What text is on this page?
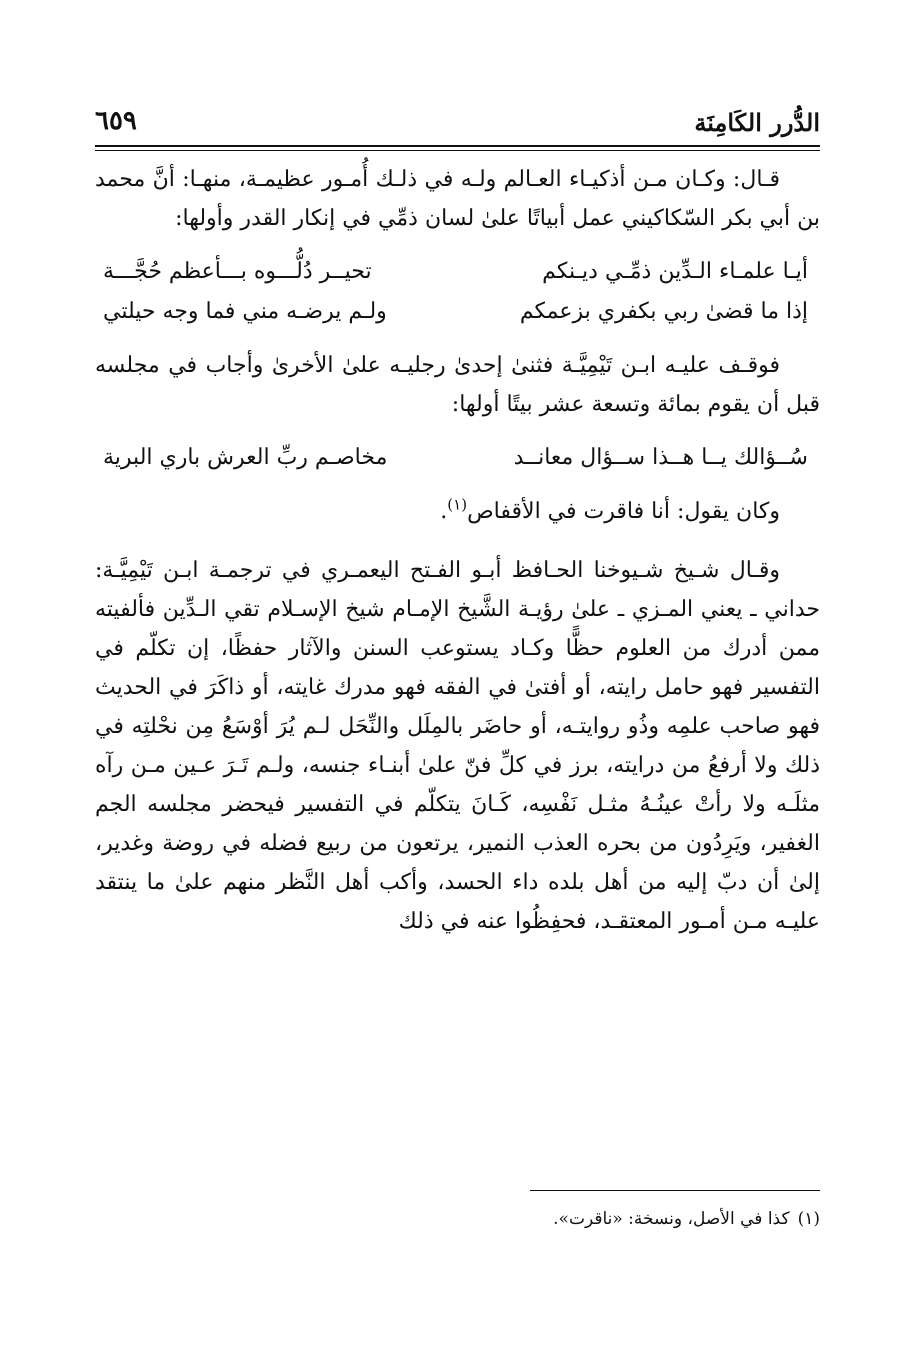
الدُّرر الكَامِنَة
٦٥٩

قـال: وكـان مـن أذكيـاء العـالم ولـه في ذلـك أُمـور عظيمـة، منهـا: أنَّ محمد بن أبي بكر السّكاكيني عمل أبياتًا علىٰ لسان ذمِّي في إنكار القدر وأولها:

أيـا علمـاء الـدِّين ذمِّـي ديـنكم
تحيــر دُلُّـــوه بـــأعظم حُجَّـــة
إذا ما قضىٰ ربي بكفري بزعمكم
ولـم يرضـه مني فما وجه حيلتي

فوقـف عليـه ابـن تَيْمِيَّـة فثنىٰ إحدىٰ رجليـه علىٰ الأخرىٰ وأجاب في مجلسه قبل أن يقوم بمائة وتسعة عشر بيتًا أولها:

سُــؤالك يــا هــذا ســؤال معانــد
مخاصـم ربِّ العرش باري البرية

وكان يقول: أنا فاقرت في الأقفاص$^{(١)}$.

وقـال شـيخ شـيوخنا الحـافظ أبـو الفـتح اليعمـري في ترجمـة ابـن تَيْمِيَّـة: حداني ـ يعني المـزي ـ علىٰ رؤيـة الشَّيخ الإمـام شيخ الإسـلام تقي الـدِّين فألفيته ممن أدرك من العلوم حظًّا وكـاد يستوعب السنن والآثار حفظًا، إن تكلّم في التفسير فهو حامل رايته، أو أفتىٰ في الفقه فهو مدرك غايته، أو ذاكَرَ في الحديث فهو صاحب علمِه وذُو روايتـه، أو حاضَر بالمِلَل والنِّحَل لـم يُرَ أوْسَعُ مِن نحْلتِه في ذلك ولا أرفعُ من درايته، برز في كلِّ فنّ علىٰ أبنـاء جنسه، ولـم تَـرَ عـين مـن رآه مثلَـه ولا رأتْ عينُـهُ مثـل نَفْسِه، كَـانَ يتكلّم في التفسير فيحضر مجلسه الجم الغفير، ويَرِدُون من بحره العذب النمير، يرتعون من ربيع فضله في روضة وغدير، إلىٰ أن دبّ إليه من أهل بلده داء الحسد، وأكب أهل النَّظر منهم علىٰ ما ينتقد عليـه مـن أمـور المعتقـد، فحفِظُوا عنه في ذلك

(١)كذا في الأصل، ونسخة: «ناقرت».
